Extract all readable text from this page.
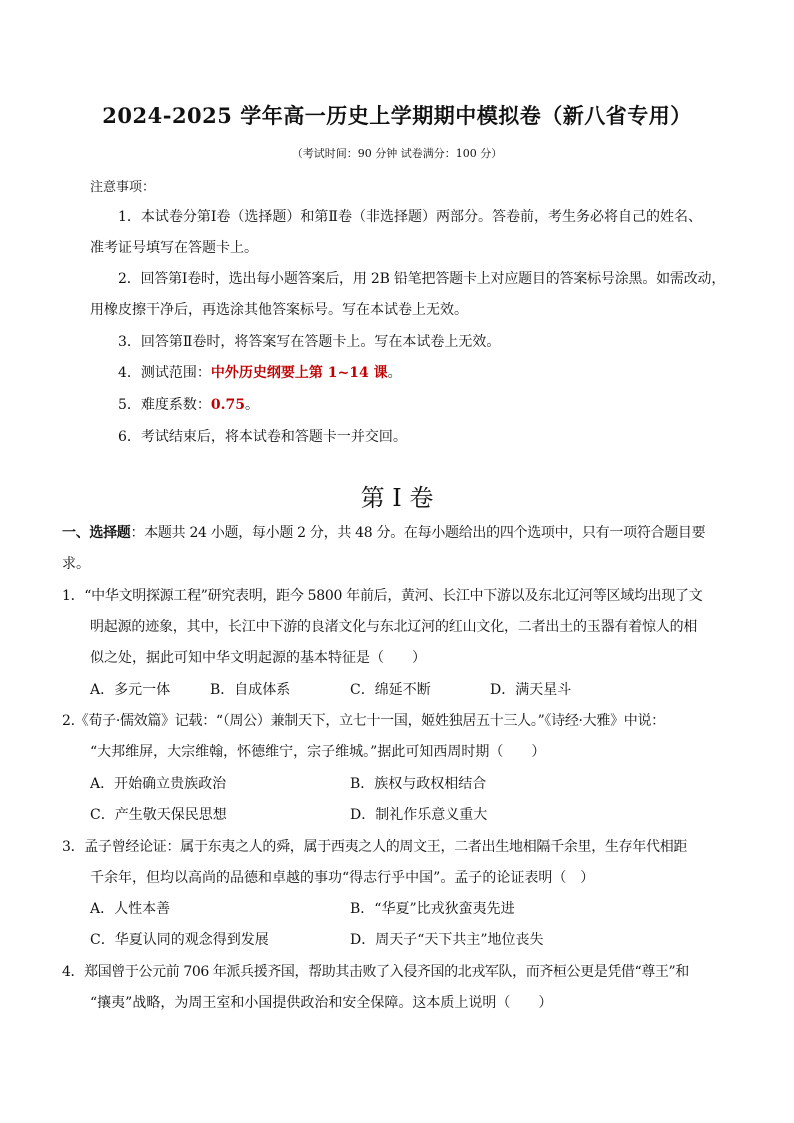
2024-2025 学年高一历史上学期期中模拟卷（新八省专用）
（考试时间：90 分钟 试卷满分：100 分）
注意事项：
1．本试卷分第Ⅰ卷（选择题）和第Ⅱ卷（非选择题）两部分。答卷前，考生务必将自己的姓名、
准考证号填写在答题卡上。
2．回答第Ⅰ卷时，选出每小题答案后，用 2B 铅笔把答题卡上对应题目的答案标号涂黑。如需改动，
用橡皮擦干净后，再选涂其他答案标号。写在本试卷上无效。
3．回答第Ⅱ卷时，将答案写在答题卡上。写在本试卷上无效。
4．测试范围：中外历史纲要上第 1~14 课。
5．难度系数：0.75。
6．考试结束后，将本试卷和答题卡一并交回。
第 I 卷
一、选择题：本题共 24 小题，每小题 2 分，共 48 分。在每小题给出的四个选项中，只有一项符合题目要
求。
1．“中华文明探源工程”研究表明，距今 5800 年前后，黄河、长江中下游以及东北辽河等区域均出现了文
明起源的迹象，其中，长江中下游的良渚文化与东北辽河的红山文化，二者出土的玉器有着惊人的相
似之处，据此可知中华文明起源的基本特征是（　　）
A．多元一体	B．自成体系	C．绵延不断	D．满天星斗
2.《荀子·儒效篇》记载：“（周公）兼制天下，立七十一国，姬姓独居五十三人。”《诗经·大雅》中说：
“大邦维屏，大宗维翰，怀德维宁，宗子维城。”据此可知西周时期（　　）
A．开始确立贵族政治	B．族权与政权相结合
C．产生敬天保民思想	D．制礼作乐意义重大
3．孟子曾经论证：属于东夷之人的舜，属于西夷之人的周文王，二者出生地相隔千余里，生存年代相距
千余年，但均以高尚的品德和卓越的事功“得志行乎中国”。孟子的论证表明（　）
A．人性本善	B．“华夏”比戎狄蛮夷先进
C．华夏认同的观念得到发展	D．周天子“天下共主”地位丧失
4．郑国曾于公元前 706 年派兵援齐国，帮助其击败了入侵齐国的北戎军队，而齐桓公更是凭借“尊王”和
“攘夷”战略，为周王室和小国提供政治和安全保障。这本质上说明（　　）
